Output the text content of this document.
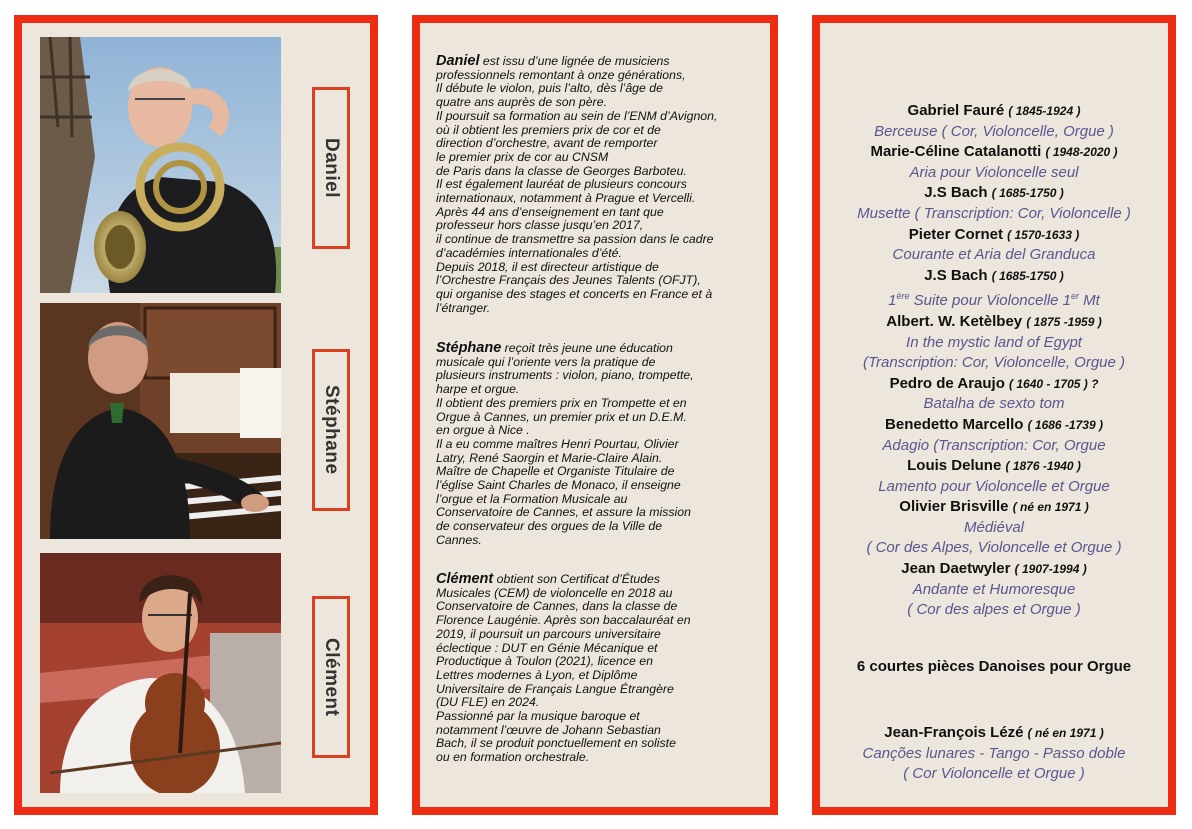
Daniel
Stéphane
Clément
Daniel est issu d’une lignée de musiciens
professionnels remontant à onze générations,
Il débute le violon, puis l’alto, dès l’âge de
quatre ans auprès de son père.
Il poursuit sa formation au sein de l’ENM d’Avignon,
où il obtient les premiers prix de cor et de
direction d’orchestre, avant de remporter
le premier prix de cor au CNSM
de Paris dans la classe de Georges Barboteu.
Il est également lauréat de plusieurs concours
internationaux, notamment à Prague et Vercelli.
Après 44 ans d’enseignement en tant que
professeur hors classe jusqu’en 2017,
il continue de transmettre sa passion dans le cadre
d’académies internationales d’été.
Depuis 2018, il est directeur artistique de
l’Orchestre Français des Jeunes Talents (OFJT),
qui organise des stages et concerts en France et à
l’étranger.
Stéphane reçoit très jeune une éducation
musicale qui l’oriente vers la pratique de
plusieurs instruments : violon, piano, trompette,
harpe et orgue.
Il obtient des premiers prix en Trompette et en
Orgue à Cannes, un premier prix et un D.E.M.
en orgue à Nice .
Il a eu comme maîtres Henri Pourtau, Olivier
Latry, René Saorgin et Marie-Claire Alain.
Maître de Chapelle et Organiste Titulaire de
l’église Saint Charles de Monaco, il enseigne
l’orgue et la Formation Musicale au
Conservatoire de Cannes, et assure la mission
de conservateur des orgues de la Ville de
Cannes.
Clément obtient son Certificat d’Études
Musicales (CEM) de violoncelle en 2018 au
Conservatoire de Cannes, dans la classe de
Florence Laugénie. Après son baccalauréat en
2019, il poursuit un parcours universitaire
éclectique : DUT en Génie Mécanique et
Productique à Toulon (2021), licence en
Lettres modernes à Lyon, et Diplôme
Universitaire de Français Langue Étrangère
(DU FLE) en 2024.
Passionné par la musique baroque et
notamment l’œuvre de Johann Sebastian
Bach, il se produit ponctuellement en soliste
ou en formation orchestrale.
Gabriel Fauré ( 1845-1924 )
Berceuse ( Cor, Violoncelle, Orgue )
Marie-Céline Catalanotti ( 1948-2020 )
Aria pour Violoncelle seul
J.S Bach ( 1685-1750 )
Musette ( Transcription: Cor, Violoncelle )
Pieter Cornet ( 1570-1633 )
Courante et Aria del Granduca
J.S Bach ( 1685-1750 )
1ère Suite pour Violoncelle 1er Mt
Albert. W. Ketèlbey ( 1875 -1959 )
In the mystic land of Egypt
(Transcription: Cor, Violoncelle, Orgue )
Pedro de Araujo ( 1640 - 1705 ) ?
Batalha de sexto tom
Benedetto Marcello ( 1686 -1739 )
Adagio (Transcription: Cor, Orgue
Louis Delune ( 1876 -1940 )
Lamento pour Violoncelle et Orgue
Olivier Brisville ( né en 1971 )
Médiéval
( Cor des Alpes, Violoncelle et Orgue )
Jean Daetwyler ( 1907-1994 )
Andante et Humoresque
( Cor des alpes et Orgue )
6 courtes pièces Danoises pour Orgue
Jean-François Lézé ( né en 1971 )
Canções lunares - Tango - Passo doble
( Cor Violoncelle et Orgue )
